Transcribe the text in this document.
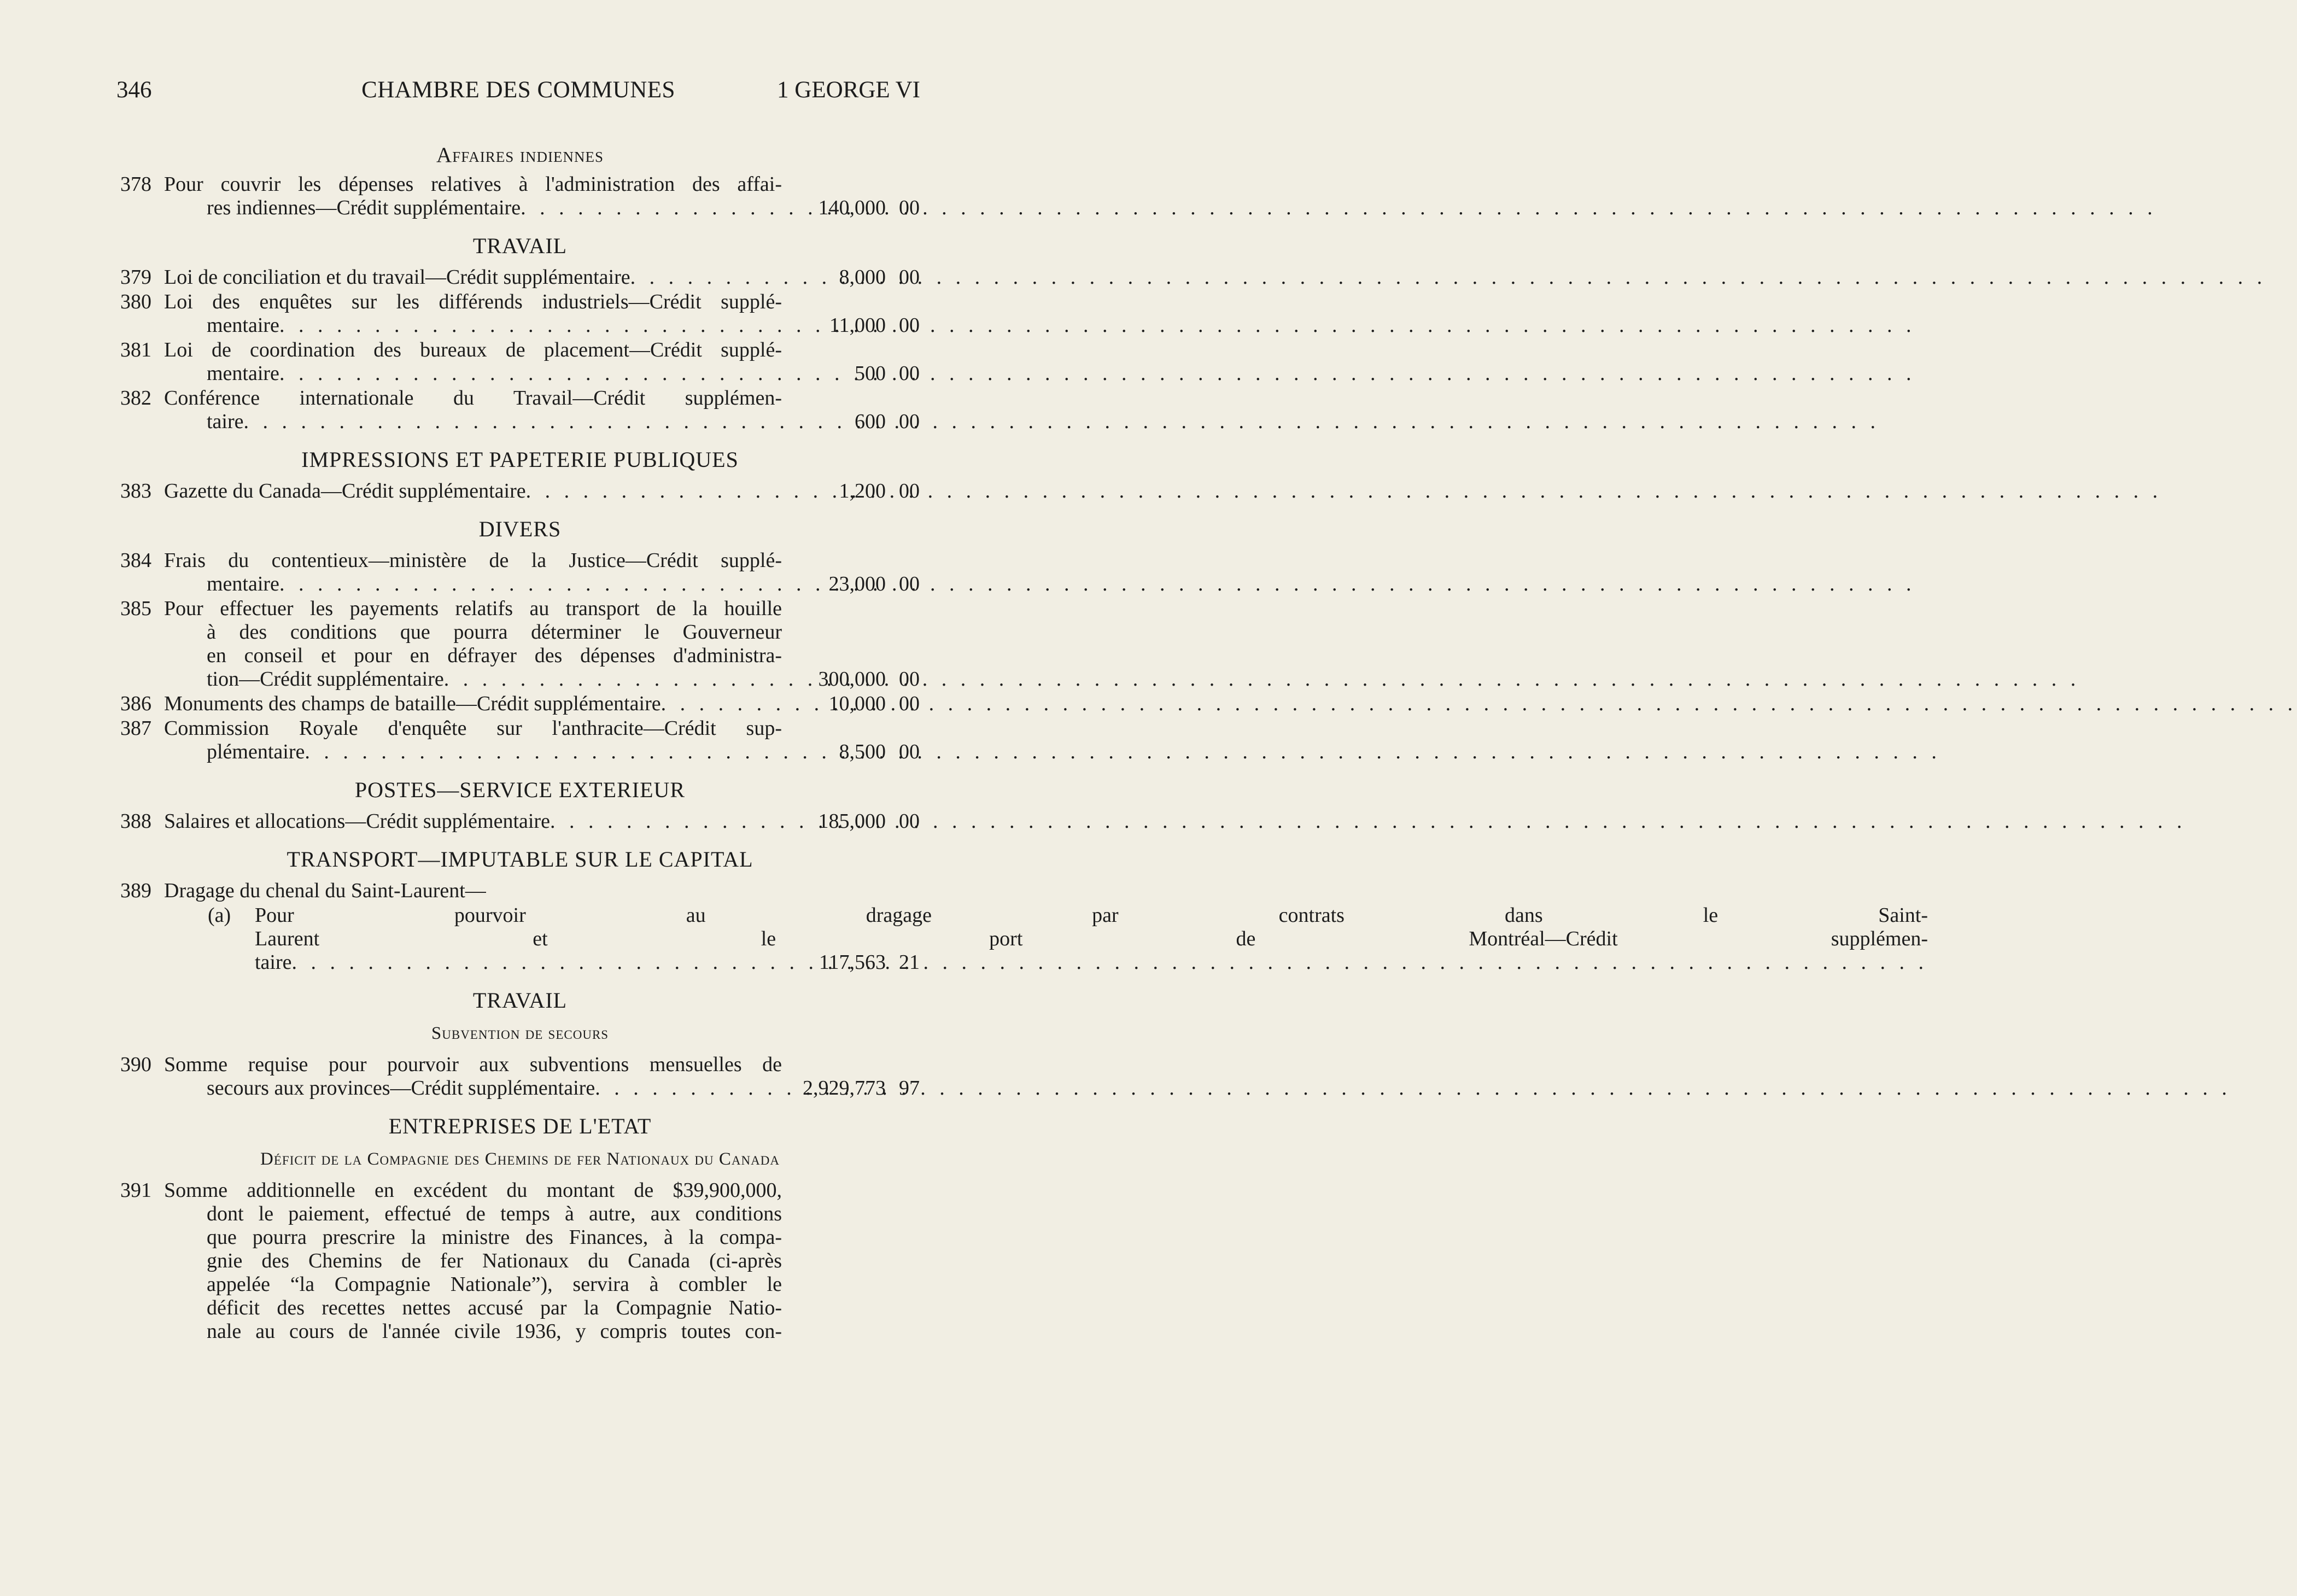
346	CHAMBRE DES COMMUNES	1 GEORGE VI
Affaires indiennes
378 Pour couvrir les dépenses relatives à l'administration des affai-
res indiennes—Crédit supplémentaire . . .	140,000 00
TRAVAIL
379 Loi de conciliation et du travail—Crédit supplémentaire . . .	8,000 00
380 Loi des enquêtes sur les différends industriels—Crédit supplé-
mentaire . . .	11,000 00
381 Loi de coordination des bureaux de placement—Crédit supplé-
mentaire . . .	500 00
382 Conférence internationale du Travail—Crédit supplémen-
taire . . .	600 00
IMPRESSIONS ET PAPETERIE PUBLIQUES
383 Gazette du Canada—Crédit supplémentaire . . .	1,200 00
DIVERS
384 Frais du contentieux—ministère de la Justice—Crédit supplé-
mentaire . . .	23,000 00
385 Pour effectuer les payements relatifs au transport de la houille
à des conditions que pourra déterminer le Gouverneur
en conseil et pour en défrayer des dépenses d'administra-
tion—Crédit supplémentaire . . .	300,000 00
386 Monuments des champs de bataille—Crédit supplémentaire . . .	10,000 00
387 Commission Royale d'enquête sur l'anthracite—Crédit sup-
plémentaire . . .	8,500 00
POSTES—SERVICE EXTERIEUR
388 Salaires et allocations—Crédit supplémentaire . . .	185,000 00
TRANSPORT—IMPUTABLE SUR LE CAPITAL
389 Dragage du chenal du Saint-Laurent—
(a)	Pour pourvoir au dragage par contrats dans le Saint-
Laurent et le port de Montréal—Crédit supplémen-
taire . . .	117,563 21
TRAVAIL
Subvention de secours
390 Somme requise pour pourvoir aux subventions mensuelles de
secours aux provinces—Crédit supplémentaire . . .	2,929,773 97
ENTREPRISES DE L'ETAT
Déficit de la Compagnie des Chemins de fer Nationaux du Canada
391 Somme additionnelle en excédent du montant de $39,900,000,
dont le paiement, effectué de temps à autre, aux conditions
que pourra prescrire la ministre des Finances, à la compa-
gnie des Chemins de fer Nationaux du Canada (ci-après
appelée “la Compagnie Nationale”), servira à combler le
déficit des recettes nettes accusé par la Compagnie Natio-
nale au cours de l'année civile 1936, y compris toutes con-
